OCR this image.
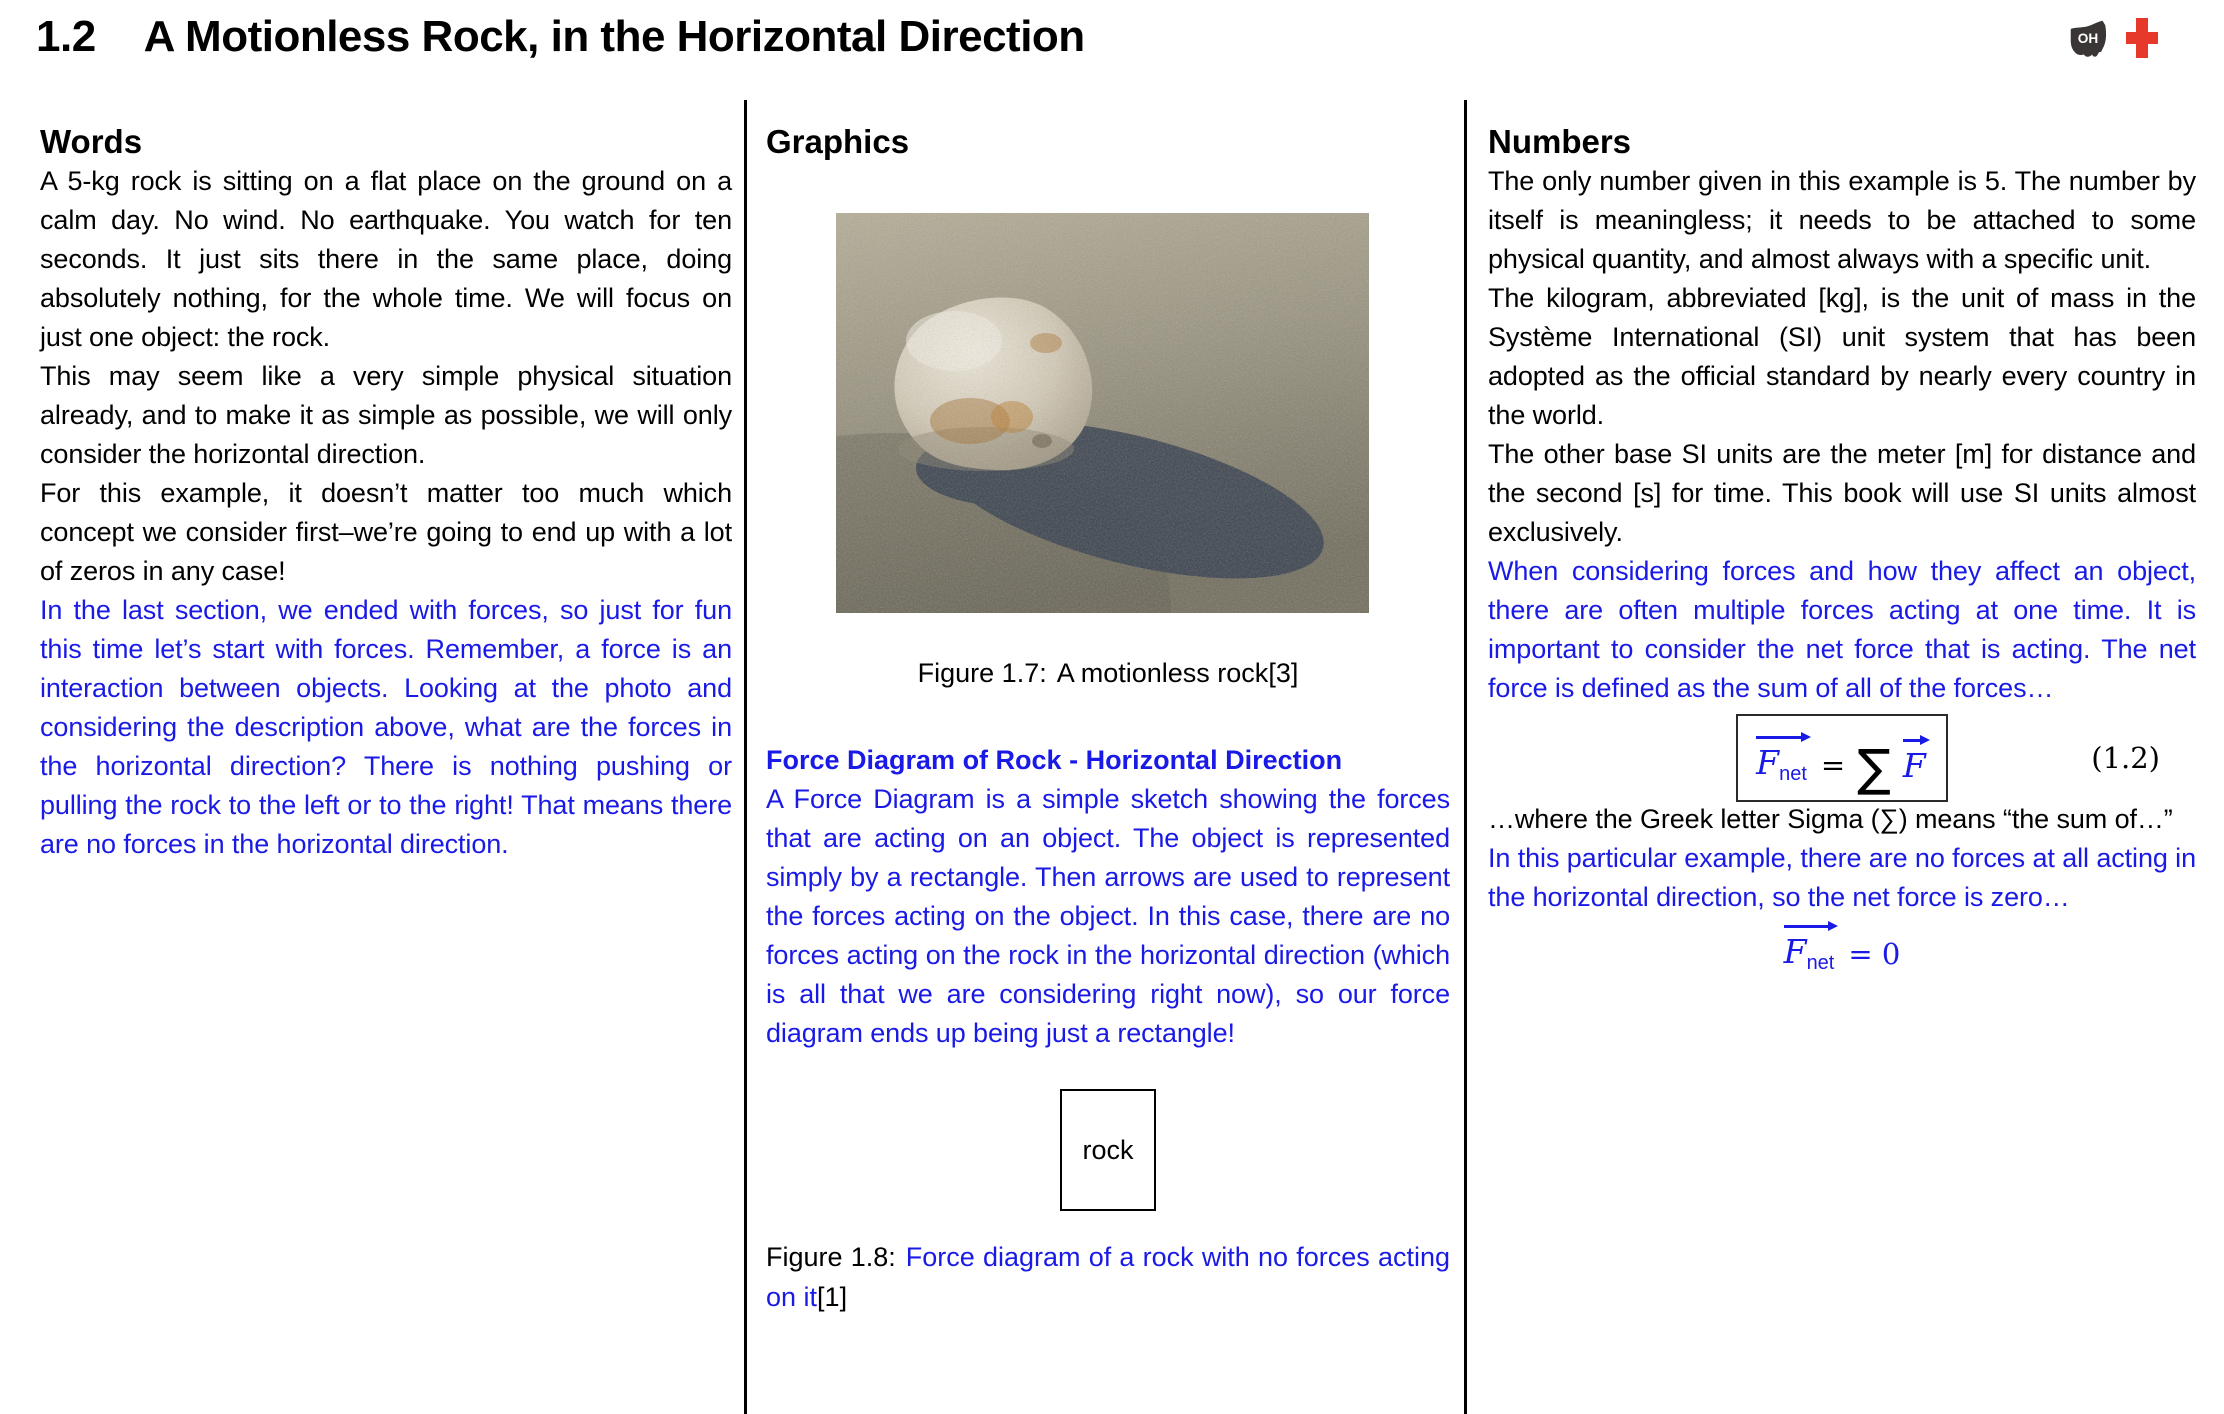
1.2 A Motionless Rock, in the Horizontal Direction	OH
Words

A 5-kg rock is sitting on a flat place on the ground on a calm day. No wind. No earthquake. You watch for ten seconds. It just sits there in the same place, doing absolutely nothing, for the whole time. We will focus on just one object: the rock.

This may seem like a very simple physical situation already, and to make it as simple as possible, we will only consider the horizontal direction.

For this example, it doesn’t matter too much which concept we consider first–we’re going to end up with a lot of zeros in any case!

In the last section, we ended with forces, so just for fun this time let’s start with forces. Remember, a force is an interaction between objects. Looking at the photo and considering the description above, what are the forces in the horizontal direction? There is nothing pushing or pulling the rock to the left or to the right! That means there are no forces in the horizontal direction.

Graphics

Figure 1.7: A motionless rock[3]

Force Diagram of Rock - Horizontal Direction

A Force Diagram is a simple sketch showing the forces that are acting on an object. The object is represented simply by a rectangle. Then arrows are used to represent the forces acting on the object. In this case, there are no forces acting on the rock in the horizontal direction (which is all that we are considering right now), so our force diagram ends up being just a rectangle!

rock

Figure 1.8: Force diagram of a rock with no forces acting on it[1]

Numbers

The only number given in this example is 5. The number by itself is meaningless; it needs to be attached to some physical quantity, and almost always with a specific unit.

The kilogram, abbreviated [kg], is the unit of mass in the Système International (SI) unit system that has been adopted as the official standard by nearly every country in the world.

The other base SI units are the meter [m] for distance and the second [s] for time. This book will use SI units almost exclusively.

When considering forces and how they affect an object, there are often multiple forces acting at one time. It is important to consider the net force that is acting. The net force is defined as the sum of all of the forces…

$F_{net}$ = ∑ F	(1.2)

…where the Greek letter Sigma (∑) means “the sum of…”

In this particular example, there are no forces at all acting in the horizontal direction, so the net force is zero…

$F_{net} = 0$
